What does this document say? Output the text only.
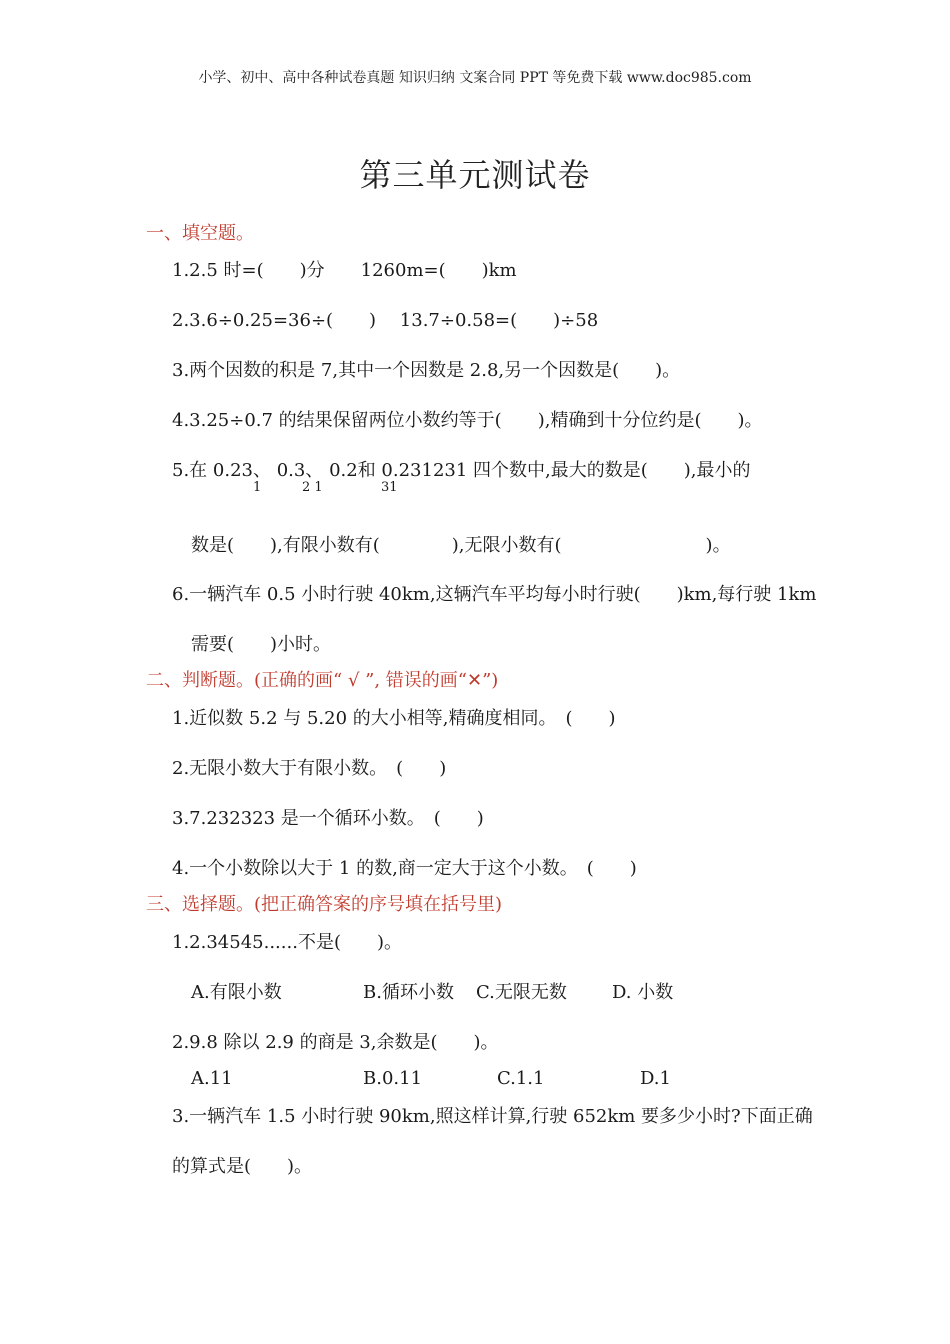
小学、初中、高中各种试卷真题 知识归纳 文案合同 PPT 等免费下载 www.doc985.com
第三单元测试卷
一、填空题。
1.2.5 时=(　　)分　　1260m=(　　)km
2.3.6÷0.25=36÷(　　)　 13.7÷0.58=(　　)÷58
3.两个因数的积是 7,其中一个因数是 2.8,另一个因数是(　　)。
4.3.25÷0.7 的结果保留两位小数约等于(　　),精确到十分位约是(　　)。
5.在 0.23、 0.3、 0.2和 0.231231 四个数中,最大的数是(　　),最小的
1	2 1	31
数是(　　),有限小数有(　　　　),无限小数有(　　　　　　　　)。
6.一辆汽车 0.5 小时行驶 40km,这辆汽车平均每小时行驶(　　)km,每行驶 1km
需要(　　)小时。
二、判断题。(正确的画“ √ ”, 错误的画“✕”)
1.近似数 5.2 与 5.20 的大小相等,精确度相同。　(　　)
2.无限小数大于有限小数。　(　　)
3.7.232323 是一个循环小数。　(　　)
4.一个小数除以大于 1 的数,商一定大于这个小数。　(　　)
三、选择题。(把正确答案的序号填在括号里)
1.2.34545......不是(　　)。
A.有限小数	B.循环小数 C.无限无数	D. 小数
2.9.8 除以 2.9 的商是 3,余数是(　　)。
A.11	B.0.11	C.1.1	D.1
3.一辆汽车 1.5 小时行驶 90km,照这样计算,行驶 652km 要多少小时?下面正确
的算式是(　　)。
